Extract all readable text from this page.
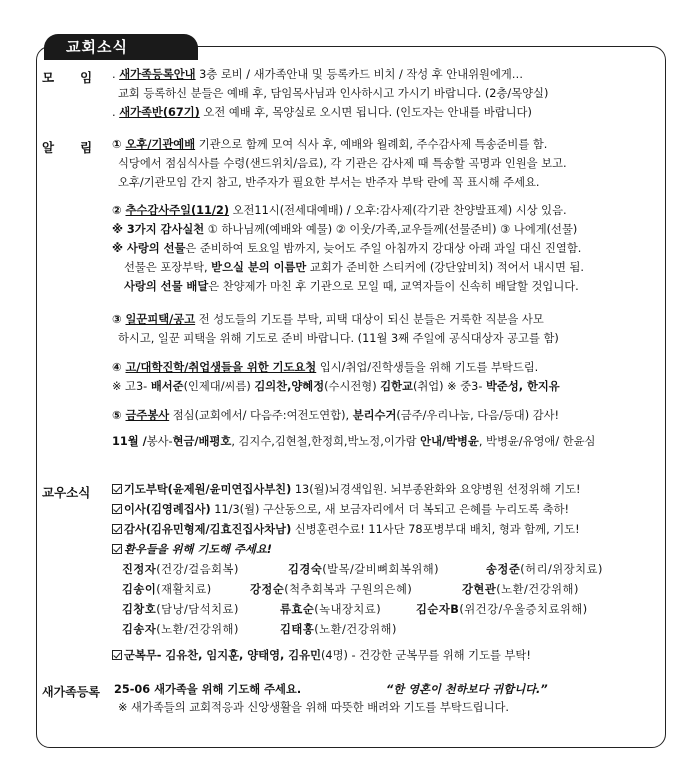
교회소식
모      임 . 새가족등록안내 3층 로비 / 새가족안내 및 등록카드 비치 / 작성 후 안내위원에게…
교회 등록하신 분들은 예배 후, 담임목사님과 인사하시고 가시기 바랍니다. (2층/목양실)
. 새가족반(67기) 오전 예배 후, 목양실로 오시면 됩니다. (인도자는 안내를 바랍니다)
알      림 ① 오후/기관예배 기관으로 함께 모여 식사 후, 예배와 월례회, 주수감사제 특송준비를 함.
식당에서 점심식사를 수령(샌드위치/음료), 각 기관은 감사제 때 특송할 곡명과 인원을 보고.
오후/기관모임 간지 참고, 반주자가 필요한 부서는 반주자 부탁 란에 꼭 표시해 주세요.
② 추수감사주일(11/2) 오전11시(전세대예배) / 오후:감사제(각기관 찬양발표제) 시상 있음.
※ 3가지 감사실천 ① 하나님께(예배와 예물) ② 이웃/가족,교우들께(선물준비) ③ 나에게(선물)
※ 사랑의 선물은 준비하여 토요일 밤까지, 늦어도 주일 아침까지 강대상 아래 과일 대신 진열함.
선물은 포장부탁, 받으실 분의 이름만 교회가 준비한 스티커에 (강단앞비치) 적어서 내시면 됨.
사랑의 선물 배달은 찬양제가 마친 후 기관으로 모일 때, 교역자들이 신속히 배달할 것입니다.
③ 일꾼피택/공고 전 성도들의 기도를 부탁, 피택 대상이 되신 분들은 거룩한 직분을 사모
하시고, 일꾼 피택을 위해 기도로 준비 바랍니다. (11월 3째 주일에 공식대상자 공고를 함)
④ 고/대학진학/취업생들을 위한 기도요청 입시/취업/진학생들을 위해 기도를 부탁드림.
※ 고3- 배서준(인제대/씨름) 김의찬,양혜정(수시전형) 김한교(취업) ※ 중3- 박준성, 한지유
⑤ 금주봉사 점심(교회에서/ 다음주:여전도연합), 분리수거(금주/우리나눔, 다음/등대) 감사!
11월 /봉사-현금/배평호, 김지수,김현철,한정희,박노정,이가람 안내/박병윤, 박병윤/유영애/ 한윤심
교우소식	기도부탁(윤제원/윤미연집사부친) 13(월)뇌경색입원. 뇌부종완화와 요양병원 선정위해 기도!
이사(김영례집사) 11/3(월) 구산동으로, 새 보금자리에서 더 복되고 은혜를 누리도록 축하!
감사(김유민형제/김효진집사차남) 신병훈련수료! 11사단 78포병부대 배치, 형과 함께, 기도!
환우들을 위해 기도해 주세요!
진정자(건강/걸음회복)	김경숙(발목/갈비뼈회복위해)	송정준(허리/위장치료)
김송이(재활치료)	강정순(척추회복과 구원의은혜)	강현관(노환/건강위해)
김창호(담낭/담석치료)	류효순(녹내장치료)	김순자B(위건강/우울증치료위해)
김송자(노환/건강위해)	김태홍(노환/건강위해)
군복무- 김유찬, 임지훈, 양태영, 김유민(4명) - 건강한 군복무를 위해 기도를 부탁!
새가족등록 25-06 새가족을 위해 기도해 주세요.	“한 영혼이 천하보다 귀합니다.”
※ 새가족들의 교회적응과 신앙생활을 위해 따뜻한 배려와 기도를 부탁드립니다.
